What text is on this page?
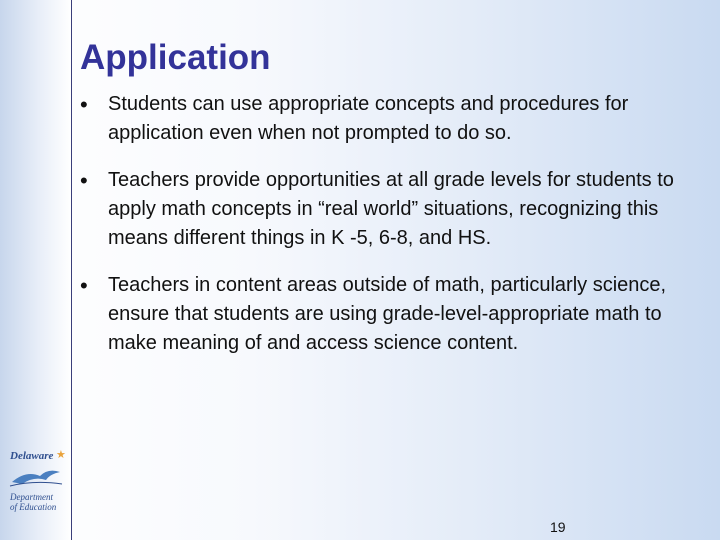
Delaware ★
Department
of Education
Application
• Students can use appropriate concepts and procedures for application even when not prompted to do so.
• Teachers provide opportunities at all grade levels for students to apply math concepts in “real world” situations, recognizing this means different things in K -5, 6-8, and HS.
• Teachers in content areas outside of math, particularly science, ensure that students are using grade-level-appropriate math to make meaning of and access science content.
19
